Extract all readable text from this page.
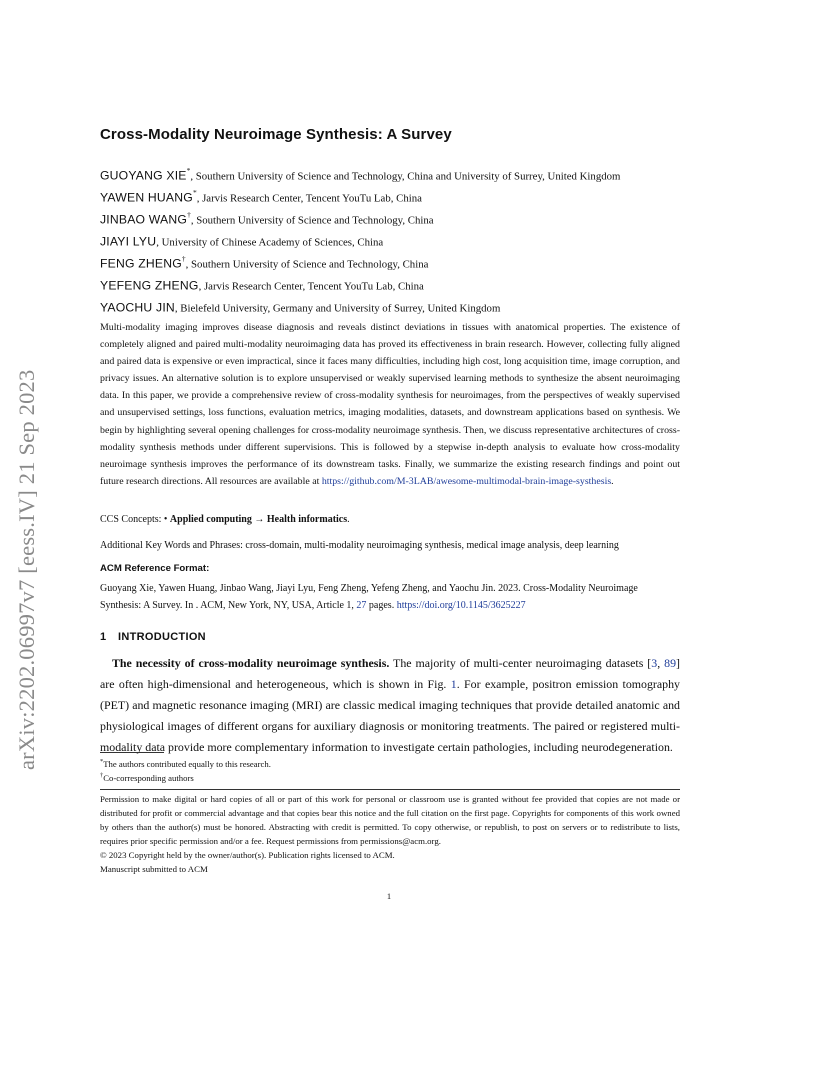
arXiv:2202.06997v7 [eess.IV] 21 Sep 2023
Cross-Modality Neuroimage Synthesis: A Survey
GUOYANG XIE*, Southern University of Science and Technology, China and University of Surrey, United Kingdom
YAWEN HUANG*, Jarvis Research Center, Tencent YouTu Lab, China
JINBAO WANG†, Southern University of Science and Technology, China
JIAYI LYU, University of Chinese Academy of Sciences, China
FENG ZHENG†, Southern University of Science and Technology, China
YEFENG ZHENG, Jarvis Research Center, Tencent YouTu Lab, China
YAOCHU JIN, Bielefeld University, Germany and University of Surrey, United Kingdom

Multi-modality imaging improves disease diagnosis and reveals distinct deviations in tissues with anatomical properties. The existence of completely aligned and paired multi-modality neuroimaging data has proved its effectiveness in brain research. However, collecting fully aligned and paired data is expensive or even impractical, since it faces many difficulties, including high cost, long acquisition time, image corruption, and privacy issues. An alternative solution is to explore unsupervised or weakly supervised learning methods to synthesize the absent neuroimaging data. In this paper, we provide a comprehensive review of cross-modality synthesis for neuroimages, from the perspectives of weakly supervised and unsupervised settings, loss functions, evaluation metrics, imaging modalities, datasets, and downstream applications based on synthesis. We begin by highlighting several opening challenges for cross-modality neuroimage synthesis. Then, we discuss representative architectures of cross-modality synthesis methods under different supervisions. This is followed by a stepwise in-depth analysis to evaluate how cross-modality neuroimage synthesis improves the performance of its downstream tasks. Finally, we summarize the existing research findings and point out future research directions. All resources are available at https://github.com/M-3LAB/awesome-multimodal-brain-image-systhesis.

CCS Concepts: • Applied computing → Health informatics.
Additional Key Words and Phrases: cross-domain, multi-modality neuroimaging synthesis, medical image analysis, deep learning
ACM Reference Format:

Guoyang Xie, Yawen Huang, Jinbao Wang, Jiayi Lyu, Feng Zheng, Yefeng Zheng, and Yaochu Jin. 2023. Cross-Modality Neuroimage Synthesis: A Survey. In . ACM, New York, NY, USA, Article 1, 27 pages. https://doi.org/10.1145/3625227

1 INTRODUCTION

The necessity of cross-modality neuroimage synthesis. The majority of multi-center neuroimaging datasets [3, 89] are often high-dimensional and heterogeneous, which is shown in Fig. 1. For example, positron emission tomography (PET) and magnetic resonance imaging (MRI) are classic medical imaging techniques that provide detailed anatomic and physiological images of different organs for auxiliary diagnosis or monitoring treatments. The paired or registered multi-modality data provide more complementary information to investigate certain pathologies, including neurodegeneration.

*The authors contributed equally to this research.
†Co-corresponding authors

Permission to make digital or hard copies of all or part of this work for personal or classroom use is granted without fee provided that copies are not made or distributed for profit or commercial advantage and that copies bear this notice and the full citation on the first page. Copyrights for components of this work owned by others than the author(s) must be honored. Abstracting with credit is permitted. To copy otherwise, or republish, to post on servers or to redistribute to lists, requires prior specific permission and/or a fee. Request permissions from permissions@acm.org.

© 2023 Copyright held by the owner/author(s). Publication rights licensed to ACM.

Manuscript submitted to ACM

1
